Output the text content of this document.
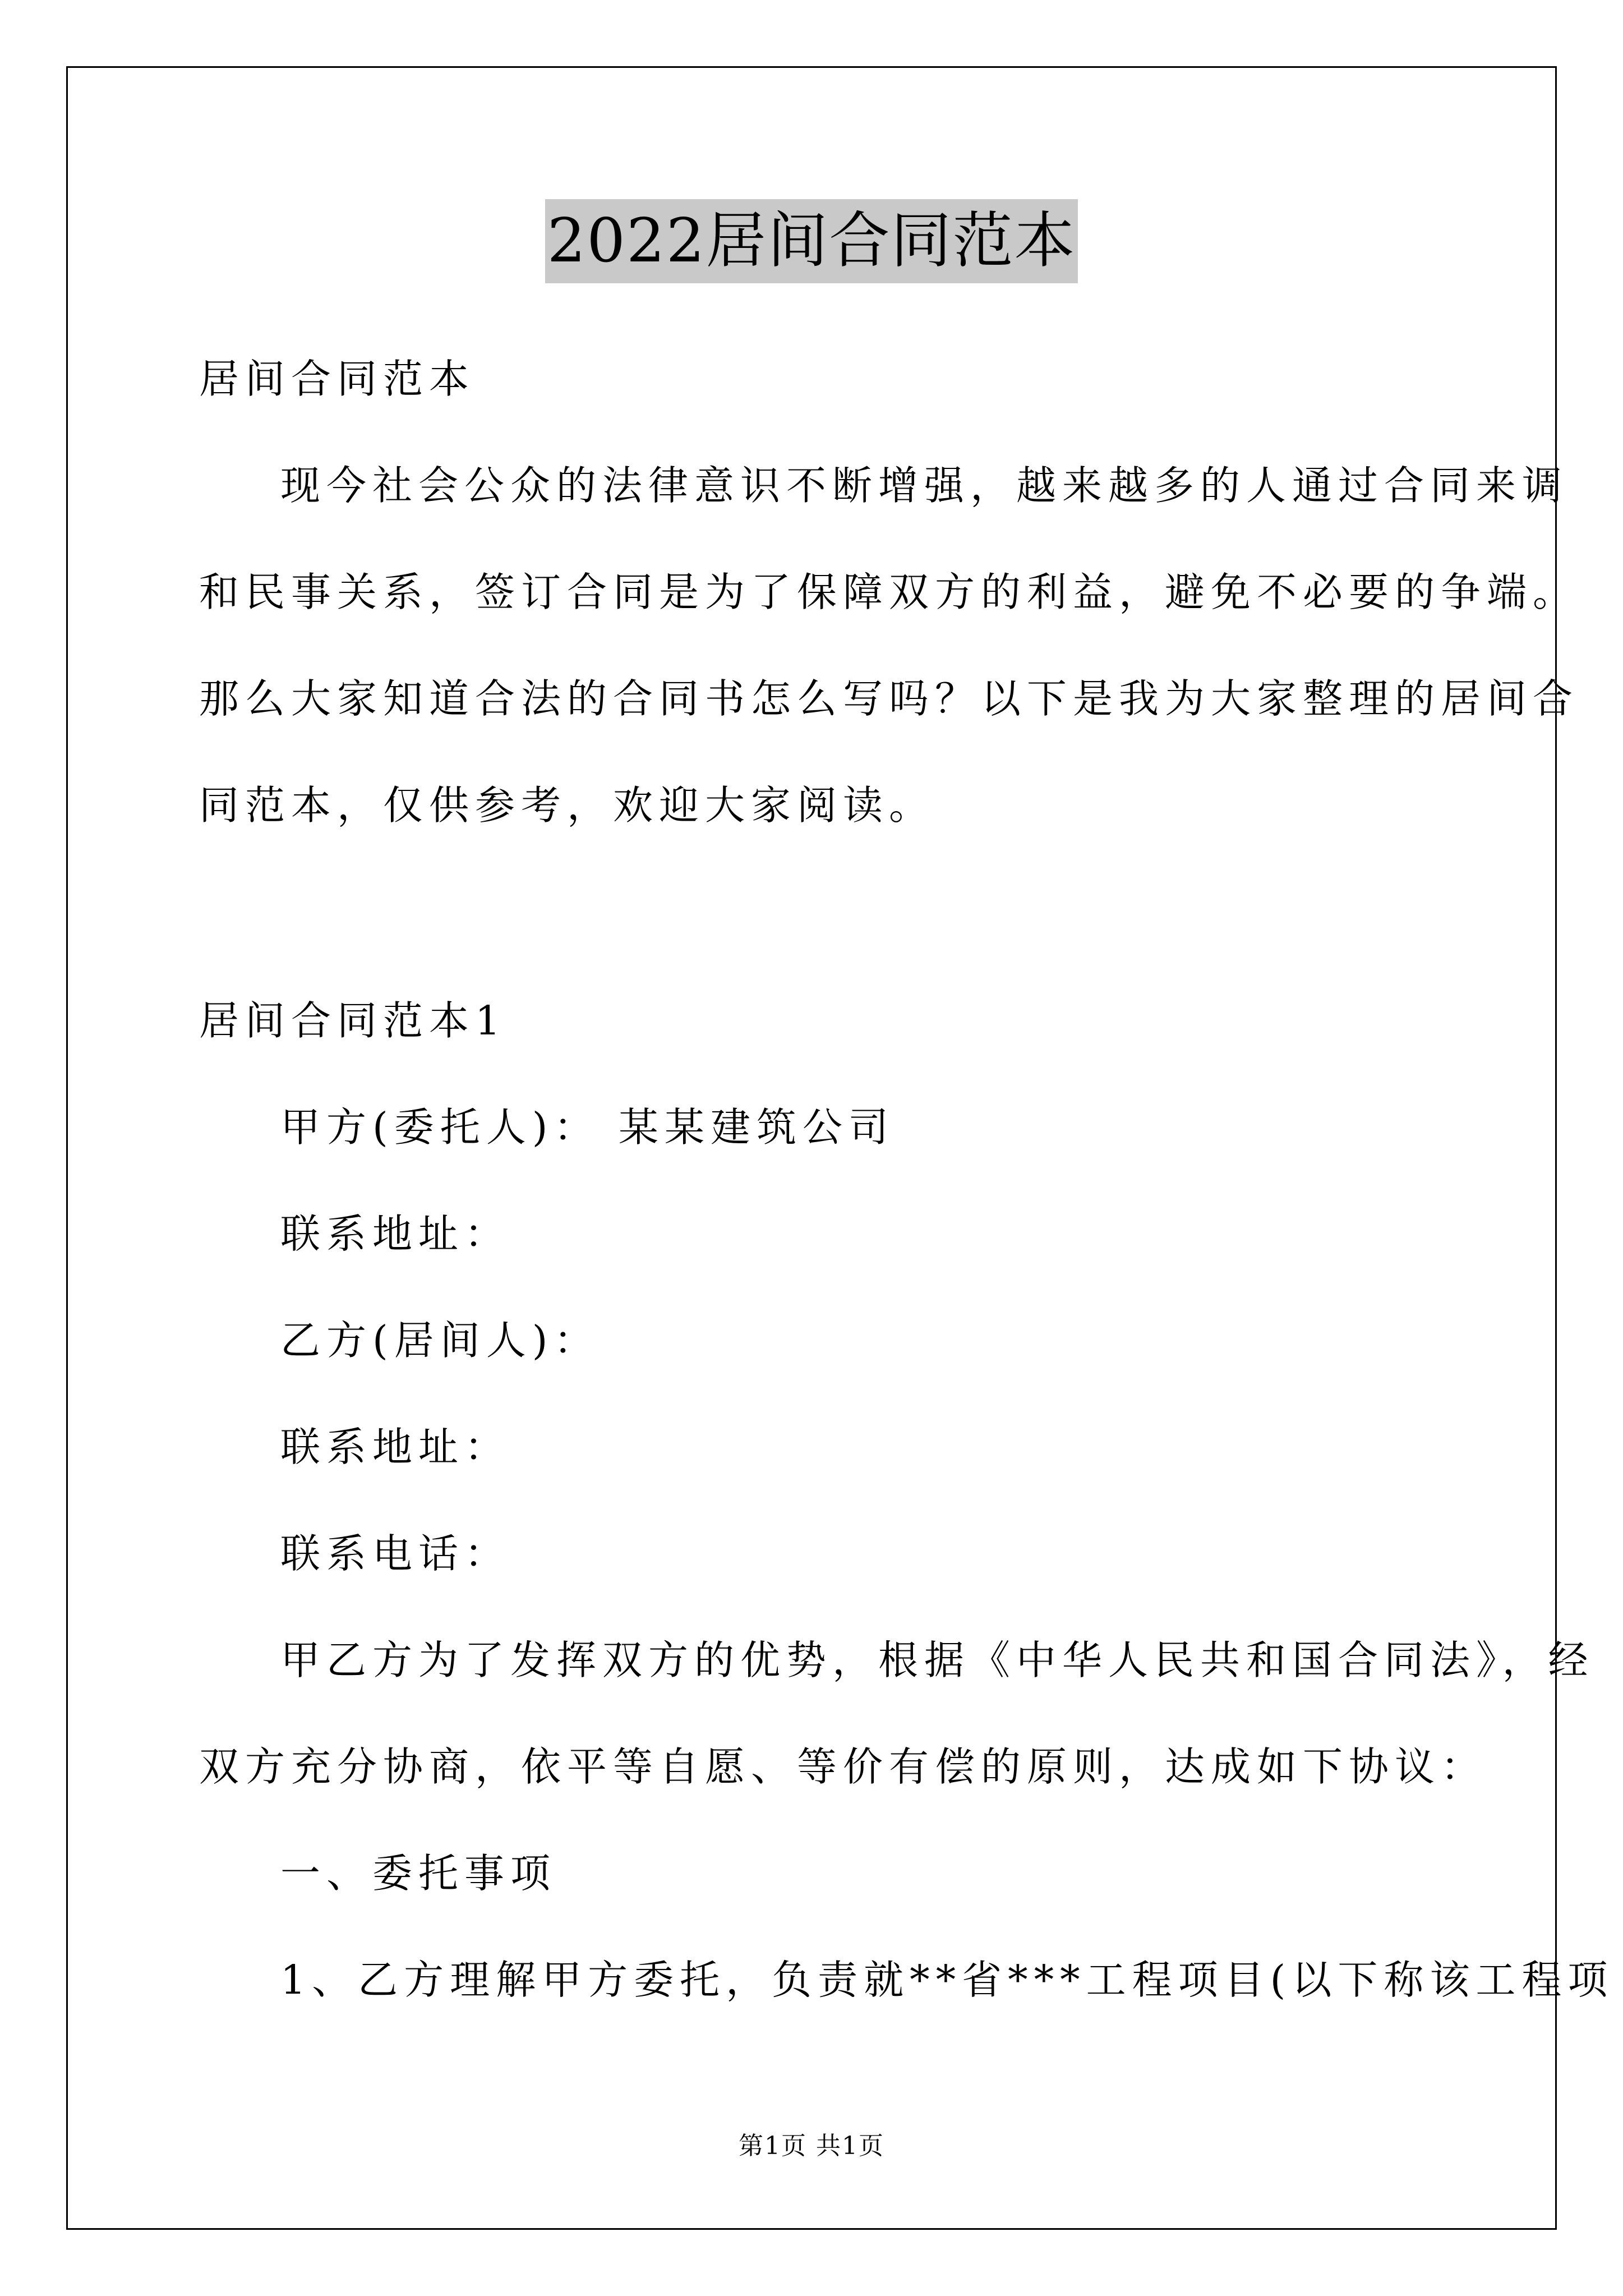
2022居间合同范本
居间合同范本
现今社会公众的法律意识不断增强，越来越多的人通过合同来调
和民事关系，签订合同是为了保障双方的利益，避免不必要的争端。
那么大家知道合法的合同书怎么写吗？以下是我为大家整理的居间合
同范本，仅供参考，欢迎大家阅读。
居间合同范本1
甲方(委托人)： 某某建筑公司
联系地址：
乙方(居间人)：
联系地址：
联系电话：
甲乙方为了发挥双方的优势，根据《中华人民共和国合同法》，经
双方充分协商，依平等自愿、等价有偿的原则，达成如下协议：
一、委托事项
1、乙方理解甲方委托，负责就**省***工程项目(以下称该工程项
第1页 共1页
